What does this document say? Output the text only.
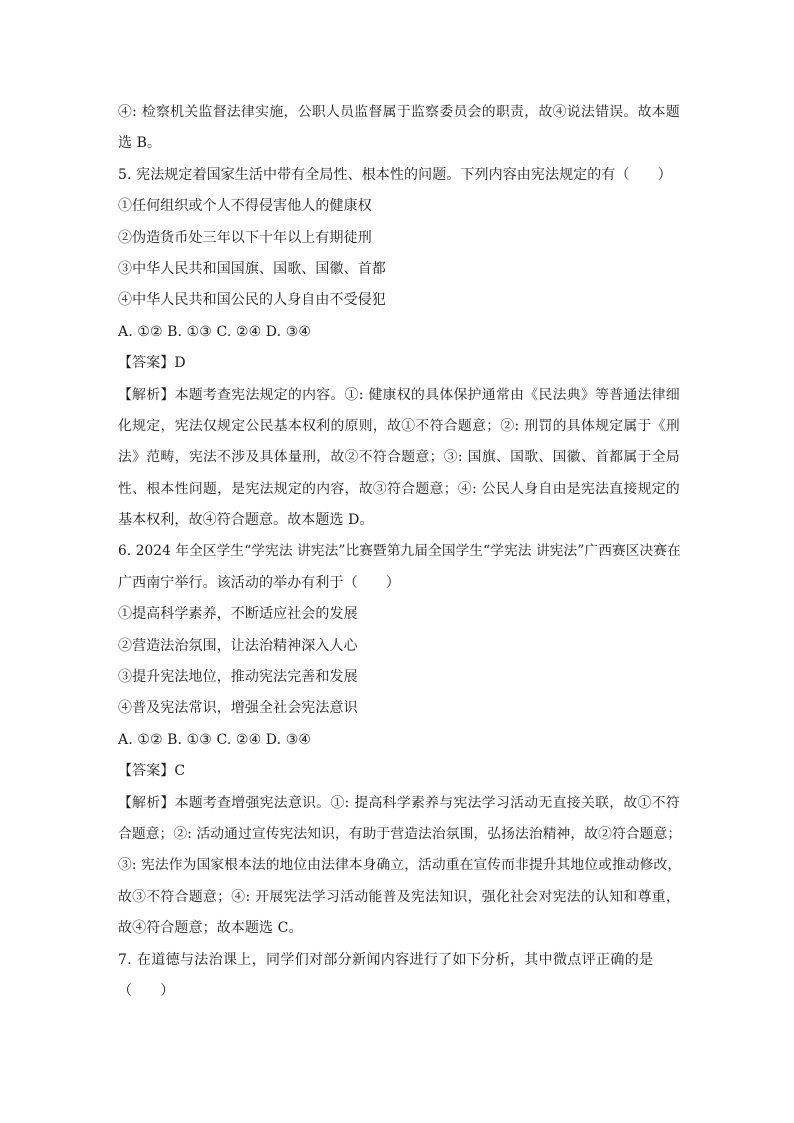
④: 检察机关监督法律实施，公职人员监督属于监察委员会的职责，故④说法错误。故本题
选 B。
5. 宪法规定着国家生活中带有全局性、根本性的问题。下列内容由宪法规定的有（　　）
①任何组织或个人不得侵害他人的健康权
②伪造货币处三年以下十年以上有期徒刑
③中华人民共和国国旗、国歌、国徽、首都
④中华人民共和国公民的人身自由不受侵犯
A. ①② B. ①③ C. ②④ D. ③④
【答案】D
【解析】本题考查宪法规定的内容。①: 健康权的具体保护通常由《民法典》等普通法律细
化规定，宪法仅规定公民基本权利的原则，故①不符合题意；②: 刑罚的具体规定属于《刑
法》范畴，宪法不涉及具体量刑，故②不符合题意；③: 国旗、国歌、国徽、首都属于全局
性、根本性问题，是宪法规定的内容，故③符合题意；④: 公民人身自由是宪法直接规定的
基本权利，故④符合题意。故本题选 D。
6. 2024 年全区学生“学宪法 讲宪法”比赛暨第九届全国学生“学宪法 讲宪法”广西赛区决赛在
广西南宁举行。该活动的举办有利于（　　）
①提高科学素养，不断适应社会的发展
②营造法治氛围，让法治精神深入人心
③提升宪法地位，推动宪法完善和发展
④普及宪法常识，增强全社会宪法意识
A. ①② B. ①③ C. ②④ D. ③④
【答案】C
【解析】本题考查增强宪法意识。①: 提高科学素养与宪法学习活动无直接关联，故①不符
合题意；②: 活动通过宣传宪法知识，有助于营造法治氛围，弘扬法治精神，故②符合题意；
③: 宪法作为国家根本法的地位由法律本身确立，活动重在宣传而非提升其地位或推动修改，
故③不符合题意；④: 开展宪法学习活动能普及宪法知识，强化社会对宪法的认知和尊重，
故④符合题意；故本题选 C。
7. 在道德与法治课上，同学们对部分新闻内容进行了如下分析，其中微点评正确的是
（　　）
